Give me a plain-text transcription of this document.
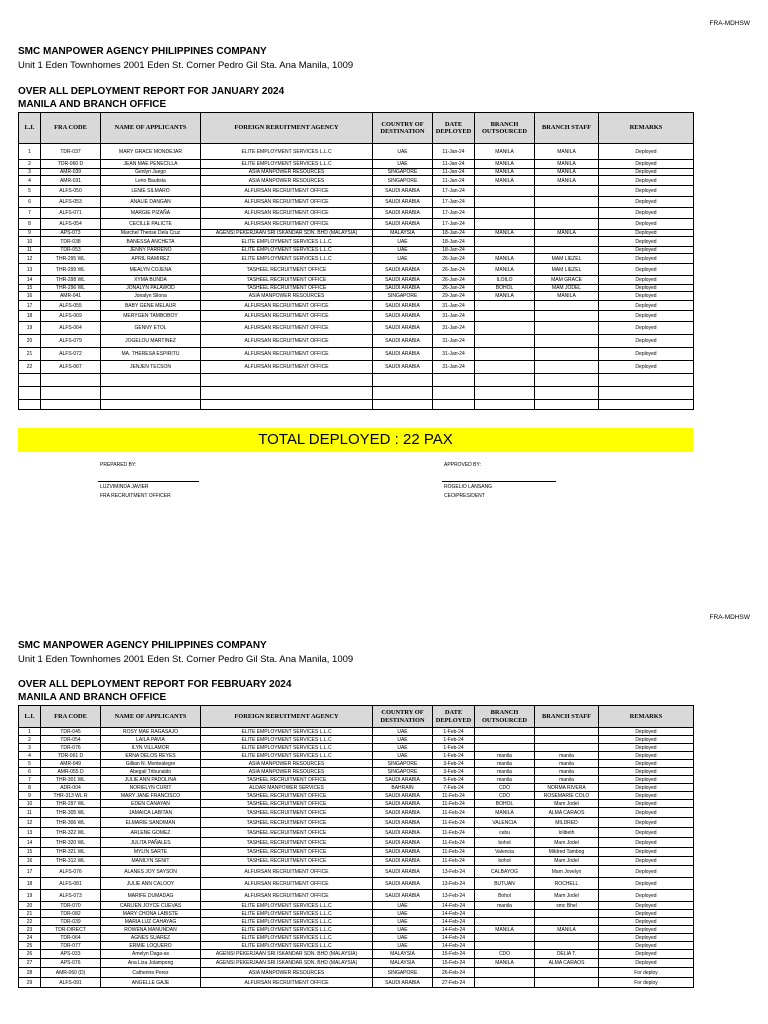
FRA-MDHSW
SMC MANPOWER AGENCY PHILIPPINES COMPANY
Unit 1 Eden Townhomes 2001 Eden St. Corner Pedro Gil Sta. Ana Manila, 1009
OVER ALL DEPLOYMENT REPORT FOR JANUARY 2024
MANILA AND BRANCH OFFICE
L.I.	FRA CODE	NAME OF APPLICANTS	FOREIGN RERUITMENT AGENCY	COUNTRY OF DESTINATION	DATE DEPLOYED	BRANCH OUTSOURCED	BRANCH STAFF	REMARKS
1	TDR-037	MARY GRACE MONDEJAR	ELITE EMPLOYMENT SERVICES L.L.C	UAE	11-Jan-24	MANILA	MANILA	Deployed
2	TDR-060 D	JEAN MAE PENECILLA	ELITE EMPLOYMENT SERVICES L.L.C	UAE	11-Jan-24	MANILA	MANILA	Deployed
3	AMR-039	Genlyn Juego	ASIA MANPOWER RESOURCES	SINGAPORE	11-Jan-24	MANILA	MANILA	Deployed
4	AMR-031	Lerio Bautista	ASIA MANPOWER RESOURCES	SINGAPORE	11-Jan-24	MANILA	MANILA	Deployed
5	ALFS-050	LENIE SILMARO	ALFURSAN RECRUITMENT OFFICE	SAUDI ARABIA	17-Jan-24			Deployed
6	ALFS-053	ANALIE DANGAN	ALFURSAN RECRUITMENT OFFICE	SAUDI ARABIA	17-Jan-24			Deployed
7	ALFS-071	MARGIE PIZAÑA	ALFURSAN RECRUITMENT OFFICE	SAUDI ARABIA	17-Jan-24			Deployed
8	ALFS-054	CECILLE PALICTE	ALFURSAN RECRUITMENT OFFICE	SAUDI ARABIA	17-Jan-24			Deployed
9	APS-073	Marchel Therise Dela Cruz	AGENSI PEKERJAAN SRI ISKANDAR SDN. BHD (MALAYSIA)	MALAYSIA	18-Jan-24	MANILA	MANILA	Deployed
10	TDR-038	BANESSA ANCHETA	ELITE EMPLOYMENT SERVICES L.L.C	UAE	18-Jan-24			Deployed
11	TDR-053	JENNY PARREÑO	ELITE EMPLOYMENT SERVICES L.L.C	UAE	18-Jan-24			Deployed
12	THR-295 WL	APRIL RAMIREZ	ELITE EMPLOYMENT SERVICES L.L.C	UAE	26-Jan-24	MANILA	MAM LIEZEL	Deployed
13	THR-299 WL	MEALYN COJENA	TASHEEL RECRUITMENT OFFICE	SAUDI ARABIA	26-Jan-24	MANILA	MAM LIEZEL	Deployed
14	THR-298 WL	XYMA BUNDA	TASHEEL RECRUITMENT OFFICE	SAUDI ARABIA	26-Jan-24	ILOILO	MAM GRACE	Deployed
15	THR-296 WL	JONALYN PALAWOD	TASHEEL RECRUITMENT OFFICE	SAUDI ARABIA	26-Jan-24	BOHOL	MAM JODEL	Deployed
16	AMR-041	Jonalyn Silona	ASIA MANPOWER RESOURCES	SINGAPORE	29-Jan-24	MANILA	MANILA	Deployed
17	ALFS-055	BABY GENE MELAUR	ALFURSAN RECRUITMENT OFFICE	SAUDI ARABIA	31-Jan-24			Deployed
18	ALFS-069	MERYGEN TAMBOBOY	ALFURSAN RECRUITMENT OFFICE	SAUDI ARABIA	31-Jan-24			Deployed
19	ALFS-064	GENNY ETOL	ALFURSAN RECRUITMENT OFFICE	SAUDI ARABIA	31-Jan-24			Deployed
20	ALFS-079	JOGELOU MARTINEZ	ALFURSAN RECRUITMENT OFFICE	SAUDI ARABIA	31-Jan-24			Deployed
21	ALFS-072	MA. THERESA ESPIRITU	ALFURSAN RECRUITMENT OFFICE	SAUDI ARABIA	31-Jan-24			Deployed
22	ALFS-067	JENJEN TECSON	ALFURSAN RECRUITMENT OFFICE	SAUDI ARABIA	31-Jan-24			Deployed

TOTAL DEPLOYED : 22 PAX
PREPARED BY:
LUZVIMINDA JAVIER
FRA RECRUITMENT OFFICER
APPROVED BY:
ROGELIO LANSANG
CEO/PRESIDENT
FRA-MDHSW
SMC MANPOWER AGENCY PHILIPPINES COMPANY
Unit 1 Eden Townhomes 2001 Eden St. Corner Pedro Gil Sta. Ana Manila, 1009
OVER ALL DEPLOYMENT REPORT FOR FEBRUARY 2024
MANILA AND BRANCH OFFICE
L.I.	FRA CODE	NAME OF APPLICANTS	FOREIGN RERUITMENT AGENCY	COUNTRY OF DESTINATION	DATE DEPLOYED	BRANCH OUTSOURCED	BRANCH STAFF	REMARKS
1	TDR-045	ROSY MAE RAGASAJO	ELITE EMPLOYMENT SERVICES L.L.C	UAE	1-Feb-24			Deployed
2	TDR-054	LAILA PAVIA	ELITE EMPLOYMENT SERVICES L.L.C	UAE	1-Feb-24			Deployed
3	TDR-076	ILYN VILLAMOR	ELITE EMPLOYMENT SERVICES L.L.C	UAE	1-Feb-24			Deployed
4	TDR-061 D	ERNA DELOS REYES	ELITE EMPLOYMENT SERVICES L.L.C	UAE	1-Feb-24	manila	manila	Deployed
5	AMR-049	Gillian N. Montealegre	ASIA MANPOWER RESOURCES	SINGAPORE	3-Feb-24	manila	manila	Deployed
6	AMR-055 D	Abegail Tribunaldo	ASIA MANPOWER RESOURCES	SINGAPORE	3-Feb-24	manila	manila	Deployed
7	THR-301 WL	JULIE ANN PADOLINA	TASHEEL RECRUITMENT OFFICE	SAUDI ARABIA	5-Feb-24	manila	manila	Deployed
8	ADR-004	NORIELYN CURIT	ALDAR MANPOWER SERVICES	BAHRAIN	7-Feb-24	CDO	NORMA RIVERA	Deployed
9	THR-313 WL R	MARY JANE FRANCISCO	TASHEEL RECRUITMENT OFFICE	SAUDI ARABIA	11-Feb-24	CDO	ROSEMARIE COLO	Deployed
10	THR-297 WL	EDEN CANAYAN	TASHEEL RECRUITMENT OFFICE	SAUDI ARABIA	11-Feb-24	BOHOL	Mam Jodel	Deployed
11	THR-305 WL	JAMAICA LABITAN	TASHEEL RECRUITMENT OFFICE	SAUDI ARABIA	11-Feb-24	MANILA	ALMA CARAOS	Deployed
12	THR-306 WL	ELMARIE SANDIMAN	TASHEEL RECRUITMENT OFFICE	SAUDI ARABIA	11-Feb-24	VALENCIA	MILDRED	Deployed
13	THR-322 WL	ARLENE GOMEZ	TASHEEL RECRUITMENT OFFICE	SAUDI ARABIA	11-Feb-24	cebu	lolibeth	Deployed
14	THR-320 WL	JULITA PAÑALES	TASHEEL RECRUITMENT OFFICE	SAUDI ARABIA	11-Feb-24	bohol	Mam Jodel	Deployed
15	THR-321 WL	MYLIN SARTE	TASHEEL RECRUITMENT OFFICE	SAUDI ARABIA	11-Feb-24	Valencia	Mildred Tambog	Deployed
16	THR-312 WL	MANILYN SENIT	TASHEEL RECRUITMENT OFFICE	SAUDI ARABIA	11-Feb-24	bohol	Mam Jodel	Deployed
17	ALFS-076	ALANES JOY SAYSON	ALFURSAN RECRUITMENT OFFICE	SAUDI ARABIA	13-Feb-24	CALBAYOG	Mam Jovelyn	Deployed
18	ALFS-081	JULIE ANN CALOOY	ALFURSAN RECRUITMENT OFFICE	SAUDI ARABIA	13-Feb-24	BUTUAN	ROCHELL	Deployed
19	ALFS-073	MARIFE DUMADAG	ALFURSAN RECRUITMENT OFFICE	SAUDI ARABIA	13-Feb-24	Bohol	Mam Jodel	Deployed
20	TDR-070	CARLIEN JOYCE CUEVAS	ELITE EMPLOYMENT SERVICES L.L.C	UAE	14-Feb-24	manila	smc Bhel	Deployed
21	TDR-082	MARY CHONA LABISTE	ELITE EMPLOYMENT SERVICES L.L.C	UAE	14-Feb-24			Deployed
22	TDR-039	MARIA LUZ CAHAYAG	ELITE EMPLOYMENT SERVICES L.L.C	UAE	14-Feb-24			Deployed
23	TDR-DIRECT	ROWENA MANUNDAN	ELITE EMPLOYMENT SERVICES L.L.C	UAE	14-Feb-24	MANILA	MANILA	Deployed
24	TDR-064	AGNES SUAREZ	ELITE EMPLOYMENT SERVICES L.L.C	UAE	14-Feb-24			Deployed
25	TDR-077	ERMIE LOQUERO	ELITE EMPLOYMENT SERVICES L.L.C	UAE	14-Feb-24			Deployed
26	APS-033	Amelyn Daga-as	AGENSI PEKERJAAN SRI ISKANDAR SDN. BHD (MALAYSIA)	MALAYSIA	15-Feb-24	CDO	DELIA T.	Deployed
27	APS-076	Ana Liza Jolampong	AGENSI PEKERJAAN SRI ISKANDAR SDN. BHD (MALAYSIA)	MALAYSIA	15-Feb-24	MANILA	ALMA CARAOS	Deployed
28	AMR-060 (D)	Catherine Perez	ASIA MANPOWER RESOURCES	SINGAPORE	26-Feb-24			For deploy
29	ALFS-091	ANGELLE GAJE	ALFURSAN RECRUITMENT OFFICE	SAUDI ARABIA	27-Feb-24			For deploy
